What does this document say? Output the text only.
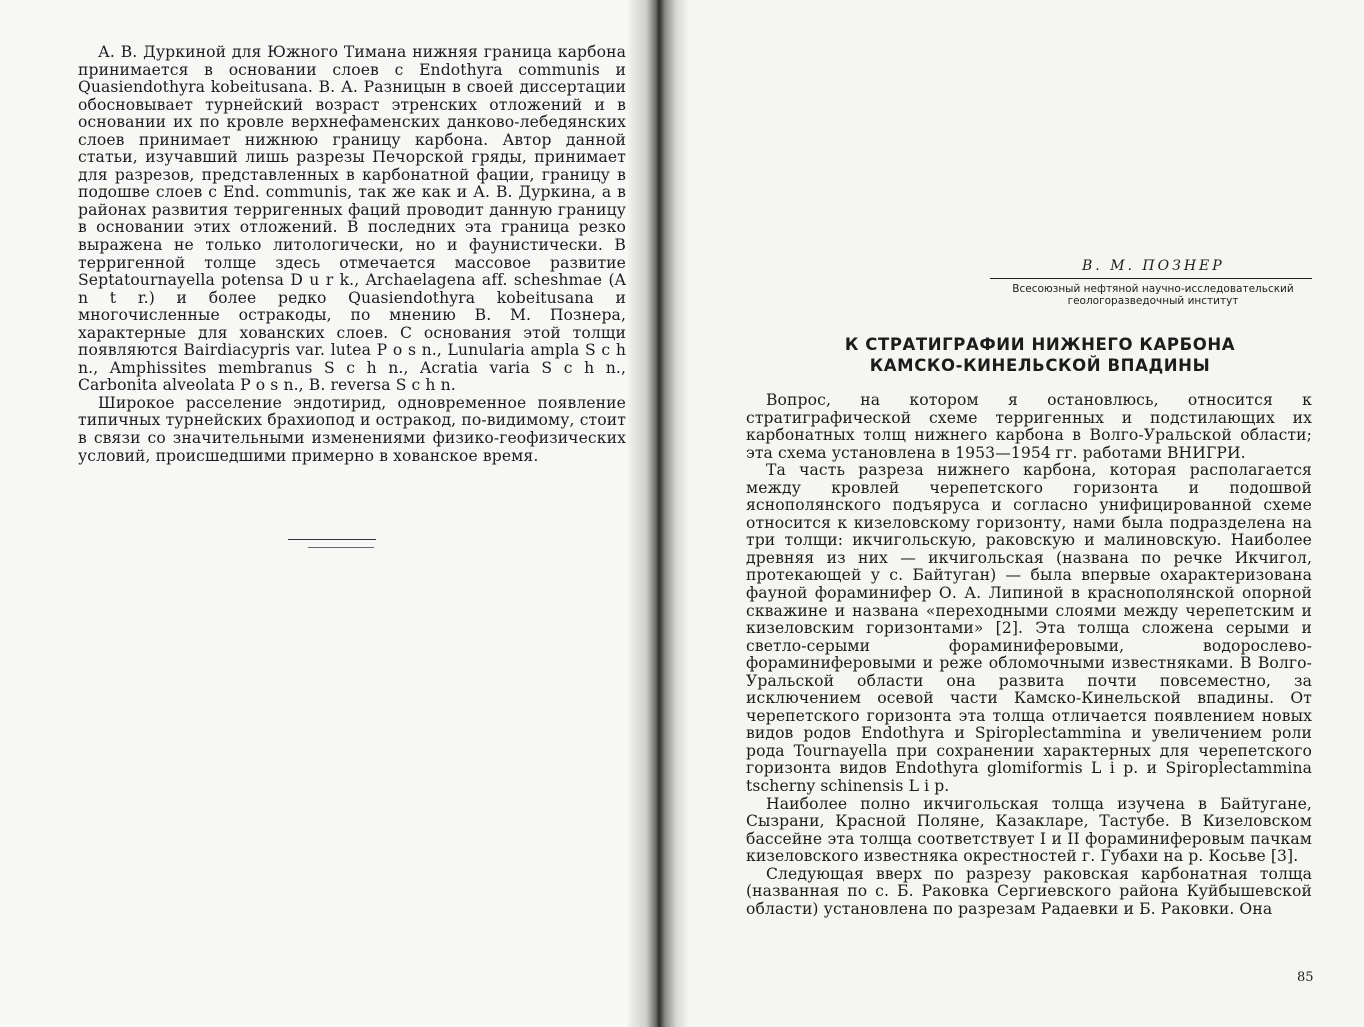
А. В. Дуркиной для Южного Тимана нижняя граница карбона принимается в основании слоев с Endothyra communis и Quasiendothyra kobeitusana. В. А. Разницын в своей диссертации обосновывает турнейский возраст этренских отложений и в основании их по кровле верхнефаменских данково-лебедянских слоев принимает нижнюю границу карбона. Автор данной статьи, изучавший лишь разрезы Печорской гряды, принимает для разрезов, представленных в карбонатной фации, границу в подошве слоев с End. communis, так же как и А. В. Дуркина, а в районах развития терригенных фаций проводит данную границу в основании этих отложений. В последних эта граница резко выражена не только литологически, но и фаунистически. В терригенной толще здесь отмечается массовое развитие Septatournayella potensa D u r k., Archaelagena aff. scheshmae (A n t r.) и более редко Quasiendothyra kobeitusana и многочисленные остракоды, по мнению В. М. Познера, характерные для хованских слоев. С основания этой толщи появляются Bairdiacypris var. lutea P o s n., Lunularia ampla S c h n., Amphissites membranus S c h n., Acratia varia S c h n., Carbonita alveolata P o s n., B. reversa S c h n.

Широкое расселение эндотирид, одновременное появление типичных турнейских брахиопод и остракод, по-видимому, стоит в связи со значительными изменениями физико-геофизических условий, происшедшими примерно в хованское время.

В. М. ПОЗНЕР
Всесоюзный нефтяной научно-исследовательский геологоразведочный институт
К СТРАТИГРАФИИ НИЖНЕГО КАРБОНА
КАМСКО-КИНЕЛЬСКОЙ ВПАДИНЫ

Вопрос, на котором я остановлюсь, относится к стратиграфической схеме терригенных и подстилающих их карбонатных толщ нижнего карбона в Волго-Уральской области; эта схема установлена в 1953—1954 гг. работами ВНИГРИ.

Та часть разреза нижнего карбона, которая располагается между кровлей черепетского горизонта и подошвой яснополянского подъяруса и согласно унифицированной схеме относится к кизеловскому горизонту, нами была подразделена на три толщи: икчигольскую, раковскую и малиновскую. Наиболее древняя из них — икчигольская (названа по речке Икчигол, протекающей у с. Байтуган) — была впервые охарактеризована фауной фораминифер О. А. Липиной в краснополянской опорной скважине и названа «переходными слоями между черепетским и кизеловским горизонтами» [2]. Эта толща сложена серыми и светло-серыми фораминиферовыми, водорослево-фораминиферовыми и реже обломочными известняками. В Волго-Уральской области она развита почти повсеместно, за исключением осевой части Камско-Кинельской впадины. От черепетского горизонта эта толща отличается появлением новых видов родов Endothyra и Spiroplectammina и увеличением роли рода Tournayella при сохранении характерных для черепетского горизонта видов Endothyra glomiformis L i p. и Spiroplectammina tscherny schinensis L i p.

Наиболее полно икчигольская толща изучена в Байтугане, Сызрани, Красной Поляне, Казакларе, Тастубе. В Кизеловском бассейне эта толща соответствует I и II фораминиферовым пачкам кизеловского известняка окрестностей г. Губахи на р. Косьве [3].

Следующая вверх по разрезу раковская карбонатная толща (названная по с. Б. Раковка Сергиевского района Куйбышевской области) установлена по разрезам Радаевки и Б. Раковки. Она

85
